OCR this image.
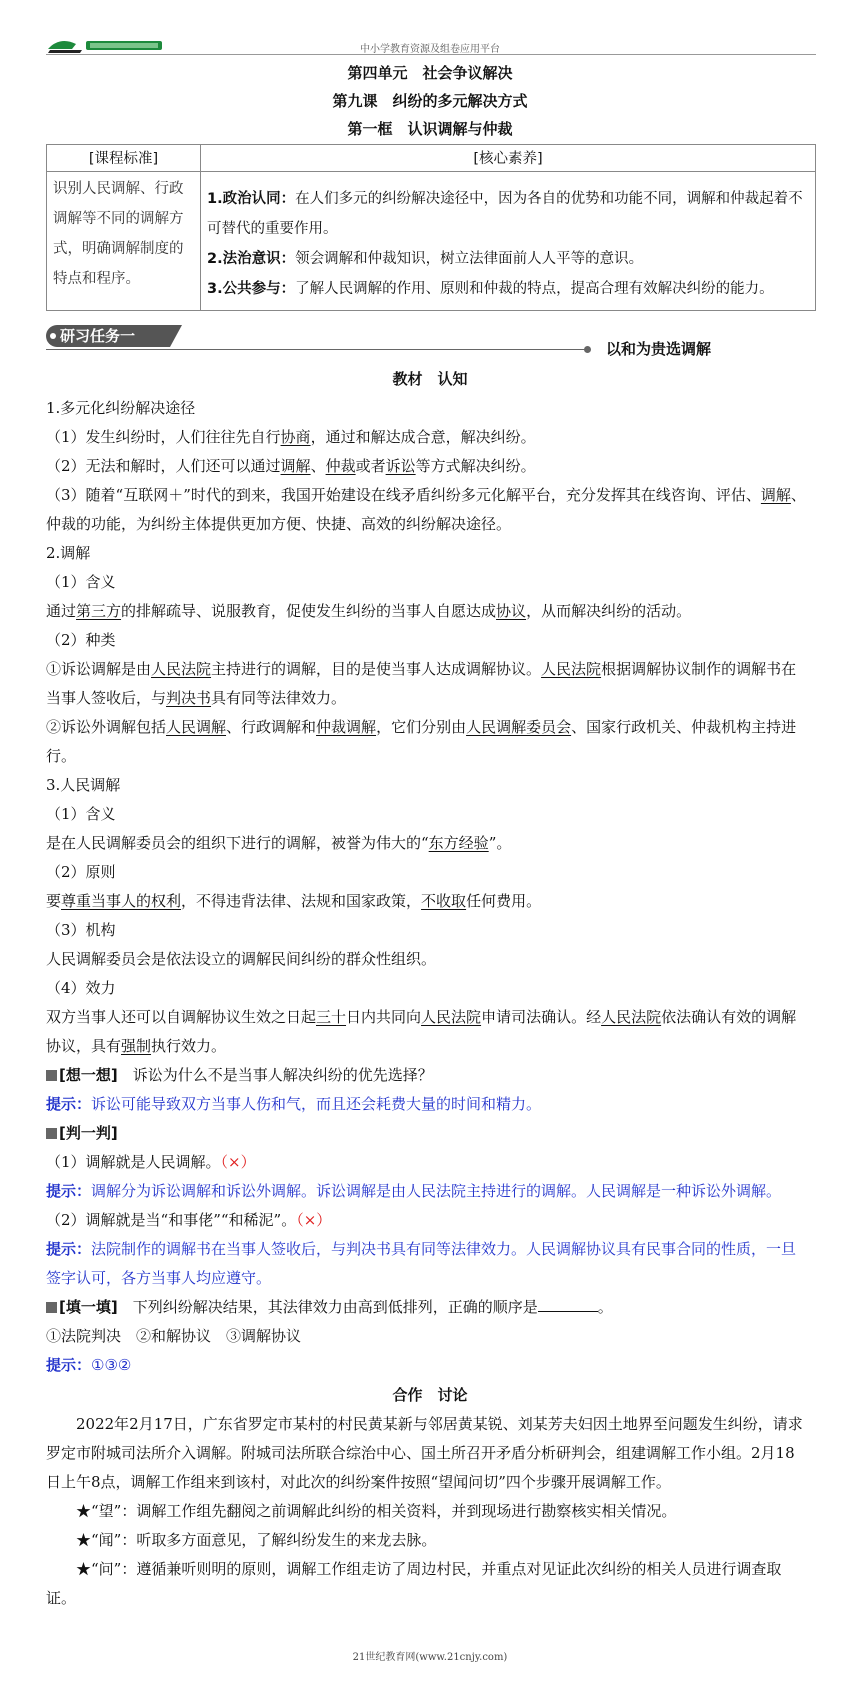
中小学教育资源及组卷应用平台
第四单元　社会争议解决
第九课　纠纷的多元解决方式
第一框　认识调解与仲裁
[课程标准]	[核心素养]
识别人民调解、行政调解等不同的调解方式，明确调解制度的特点和程序。	1.政治认同：在人们多元的纠纷解决途径中，因为各自的优势和功能不同，调解和仲裁起着不可替代的重要作用。
2.法治意识：领会调解和仲裁知识，树立法律面前人人平等的意识。
3.公共参与：了解人民调解的作用、原则和仲裁的特点，提高合理有效解决纠纷的能力。
研习任务一
以和为贵选调解
教材　认知
1.多元化纠纷解决途径
（1）发生纠纷时，人们往往先自行协商，通过和解达成合意，解决纠纷。
（2）无法和解时，人们还可以通过调解、仲裁或者诉讼等方式解决纠纷。
（3）随着“互联网＋”时代的到来，我国开始建设在线矛盾纠纷多元化解平台，充分发挥其在线咨询、评估、调解、
仲裁的功能，为纠纷主体提供更加方便、快捷、高效的纠纷解决途径。
2.调解
（1）含义
通过第三方的排解疏导、说服教育，促使发生纠纷的当事人自愿达成协议，从而解决纠纷的活动。
（2）种类
①诉讼调解是由人民法院主持进行的调解，目的是使当事人达成调解协议。人民法院根据调解协议制作的调解书在
当事人签收后，与判决书具有同等法律效力。
②诉讼外调解包括人民调解、行政调解和仲裁调解，它们分别由人民调解委员会、国家行政机关、仲裁机构主持进
行。
3.人民调解
（1）含义
是在人民调解委员会的组织下进行的调解，被誉为伟大的“东方经验”。
（2）原则
要尊重当事人的权利，不得违背法律、法规和国家政策，不收取任何费用。
（3）机构
人民调解委员会是依法设立的调解民间纠纷的群众性组织。
（4）效力
双方当事人还可以自调解协议生效之日起三十日内共同向人民法院申请司法确认。经人民法院依法确认有效的调解
协议，具有强制执行效力。
[想一想]　诉讼为什么不是当事人解决纠纷的优先选择？
提示：诉讼可能导致双方当事人伤和气，而且还会耗费大量的时间和精力。
[判一判]
（1）调解就是人民调解。（×）
提示：调解分为诉讼调解和诉讼外调解。诉讼调解是由人民法院主持进行的调解。人民调解是一种诉讼外调解。
（2）调解就是当“和事佬”“和稀泥”。（×）
提示：法院制作的调解书在当事人签收后，与判决书具有同等法律效力。人民调解协议具有民事合同的性质，一旦
签字认可，各方当事人均应遵守。
[填一填]　下列纠纷解决结果，其法律效力由高到低排列，正确的顺序是	。
①法院判决　②和解协议　③调解协议
提示：①③②
合作　讨论
2022年2月17日，广东省罗定市某村的村民黄某新与邻居黄某锐、刘某芳夫妇因土地界至问题发生纠纷，请求
罗定市附城司法所介入调解。附城司法所联合综治中心、国土所召开矛盾分析研判会，组建调解工作小组。2月18
日上午8点，调解工作组来到该村，对此次的纠纷案件按照“望闻问切”四个步骤开展调解工作。
★“望”：调解工作组先翻阅之前调解此纠纷的相关资料，并到现场进行勘察核实相关情况。
★“闻”：听取多方面意见，了解纠纷发生的来龙去脉。
★“问”：遵循兼听则明的原则，调解工作组走访了周边村民，并重点对见证此次纠纷的相关人员进行调查取
证。
21世纪教育网(www.21cnjy.com)
